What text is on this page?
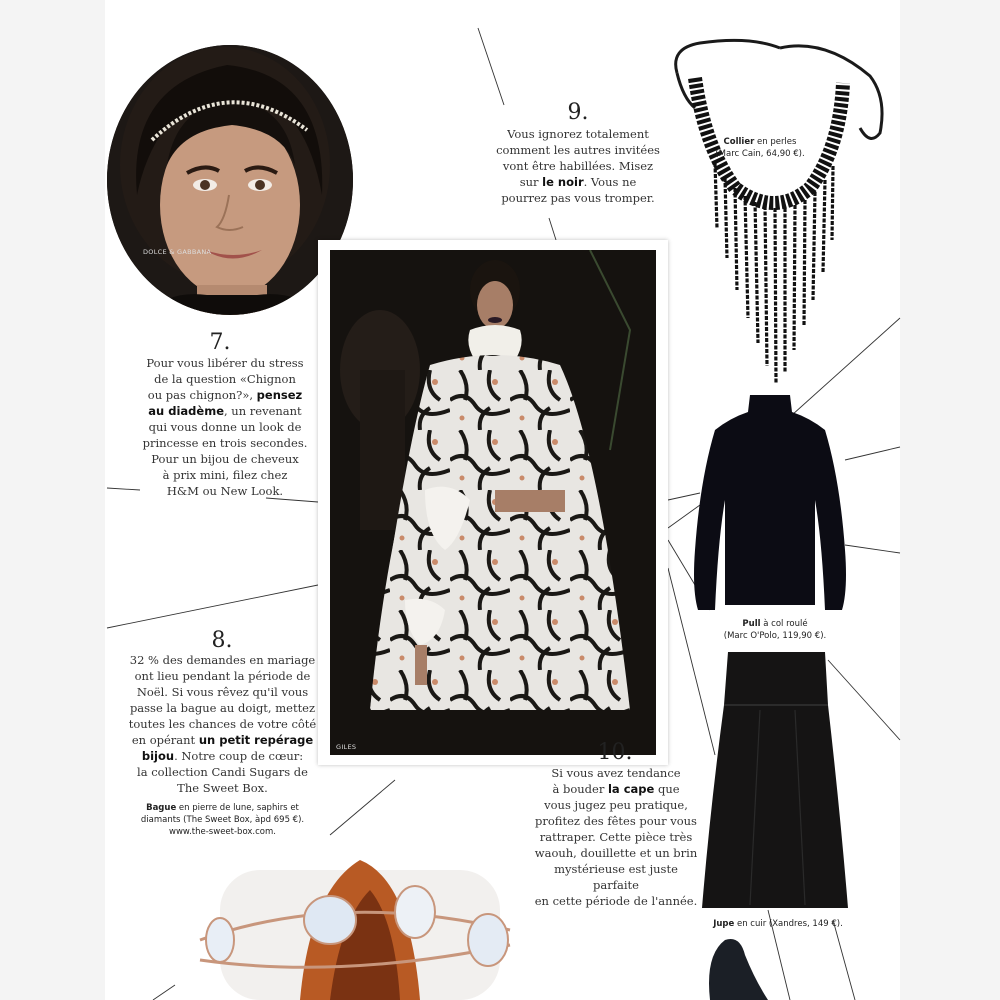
DOLCE & GABBANA
9.
Vous ignorez totalement
comment les autres invitées
vont être habillées. Misez
sur le noir. Vous ne
pourrez pas vous tromper.
Collier en perles
(Marc Cain, 64,90 €).
GILES
7.
Pour vous libérer du stress
de la question «Chignon
ou pas chignon?», pensez
au diadème, un revenant
qui vous donne un look de
princesse en trois secondes.
Pour un bijou de cheveux
à prix mini, filez chez
H&M ou New Look.
Pull à col roulé
(Marc O'Polo, 119,90 €).
8.
32 % des demandes en mariage
ont lieu pendant la période de
Noël. Si vous rêvez qu'il vous
passe la bague au doigt, mettez
toutes les chances de votre côté
en opérant un petit repérage
bijou. Notre coup de cœur:
la collection Candi Sugars de
The Sweet Box.
Bague en pierre de lune, saphirs et
diamants (The Sweet Box, àpd 695 €).
www.the-sweet-box.com.
10.
Si vous avez tendance
à bouder la cape que
vous jugez peu pratique,
profitez des fêtes pour vous
rattraper. Cette pièce très
waouh, douillette et un brin
mystérieuse est juste parfaite
en cette période de l'année.
Jupe en cuir (Xandres, 149 €).
